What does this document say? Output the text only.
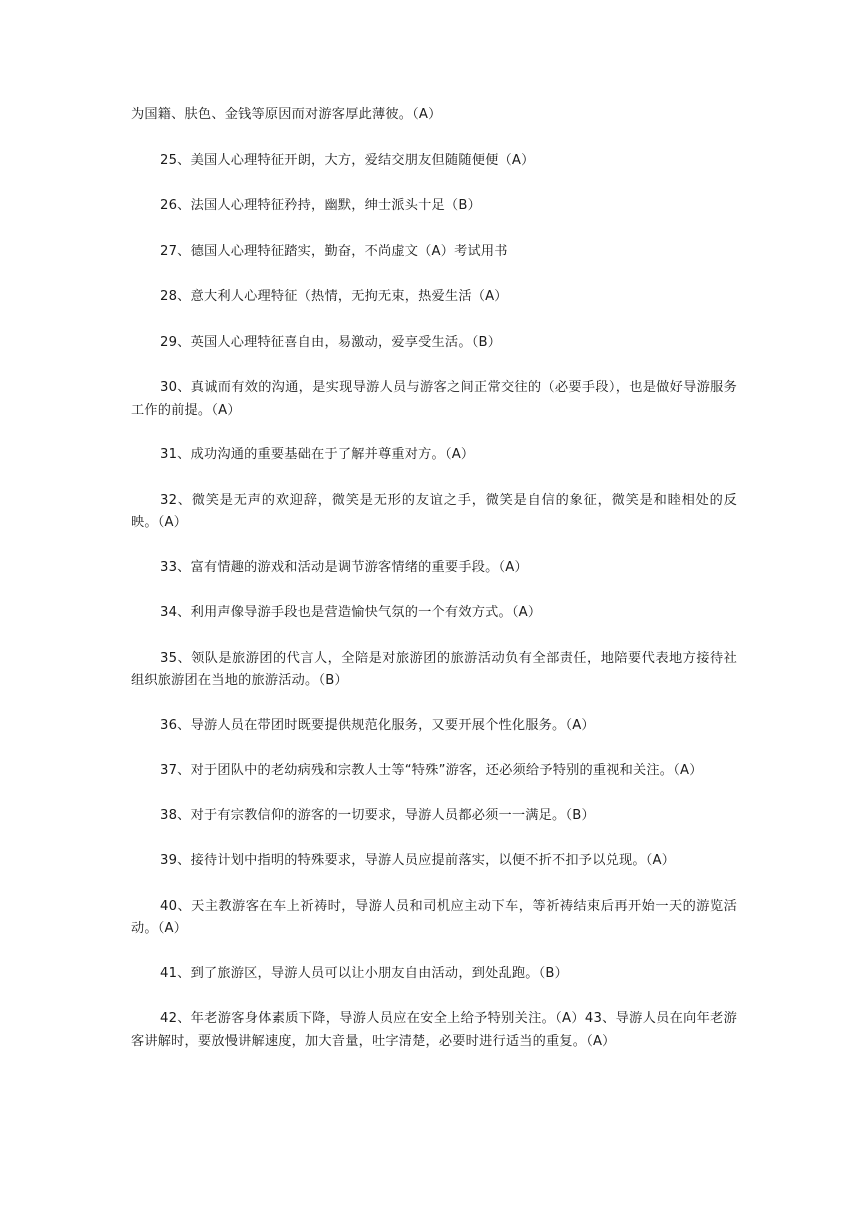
为国籍、肤色、金钱等原因而对游客厚此薄彼。（A）

25、美国人心理特征开朗，大方，爱结交朋友但随随便便（A）

26、法国人心理特征矜持，幽默，绅士派头十足（B）

27、德国人心理特征踏实，勤奋，不尚虚文（A）考试用书

28、意大利人心理特征（热情，无拘无束，热爱生活（A）

29、英国人心理特征喜自由，易激动，爱享受生活。（B）

30、真诚而有效的沟通，是实现导游人员与游客之间正常交往的（必要手段），也是做好导游服务工作的前提。（A）

31、成功沟通的重要基础在于了解并尊重对方。（A）

32、微笑是无声的欢迎辞，微笑是无形的友谊之手，微笑是自信的象征，微笑是和睦相处的反映。（A）

33、富有情趣的游戏和活动是调节游客情绪的重要手段。（A）

34、利用声像导游手段也是营造愉快气氛的一个有效方式。（A）

35、领队是旅游团的代言人，全陪是对旅游团的旅游活动负有全部责任，地陪要代表地方接待社组织旅游团在当地的旅游活动。（B）

36、导游人员在带团时既要提供规范化服务，又要开展个性化服务。（A）

37、对于团队中的老幼病残和宗教人士等“特殊”游客，还必须给予特别的重视和关注。（A）

38、对于有宗教信仰的游客的一切要求，导游人员都必须一一满足。（B）

39、接待计划中指明的特殊要求，导游人员应提前落实，以便不折不扣予以兑现。（A）

40、天主教游客在车上祈祷时，导游人员和司机应主动下车，等祈祷结束后再开始一天的游览活动。（A）

41、到了旅游区，导游人员可以让小朋友自由活动，到处乱跑。（B）

42、年老游客身体素质下降，导游人员应在安全上给予特别关注。（A）43、导游人员在向年老游客讲解时，要放慢讲解速度，加大音量，吐字清楚，必要时进行适当的重复。（A）
